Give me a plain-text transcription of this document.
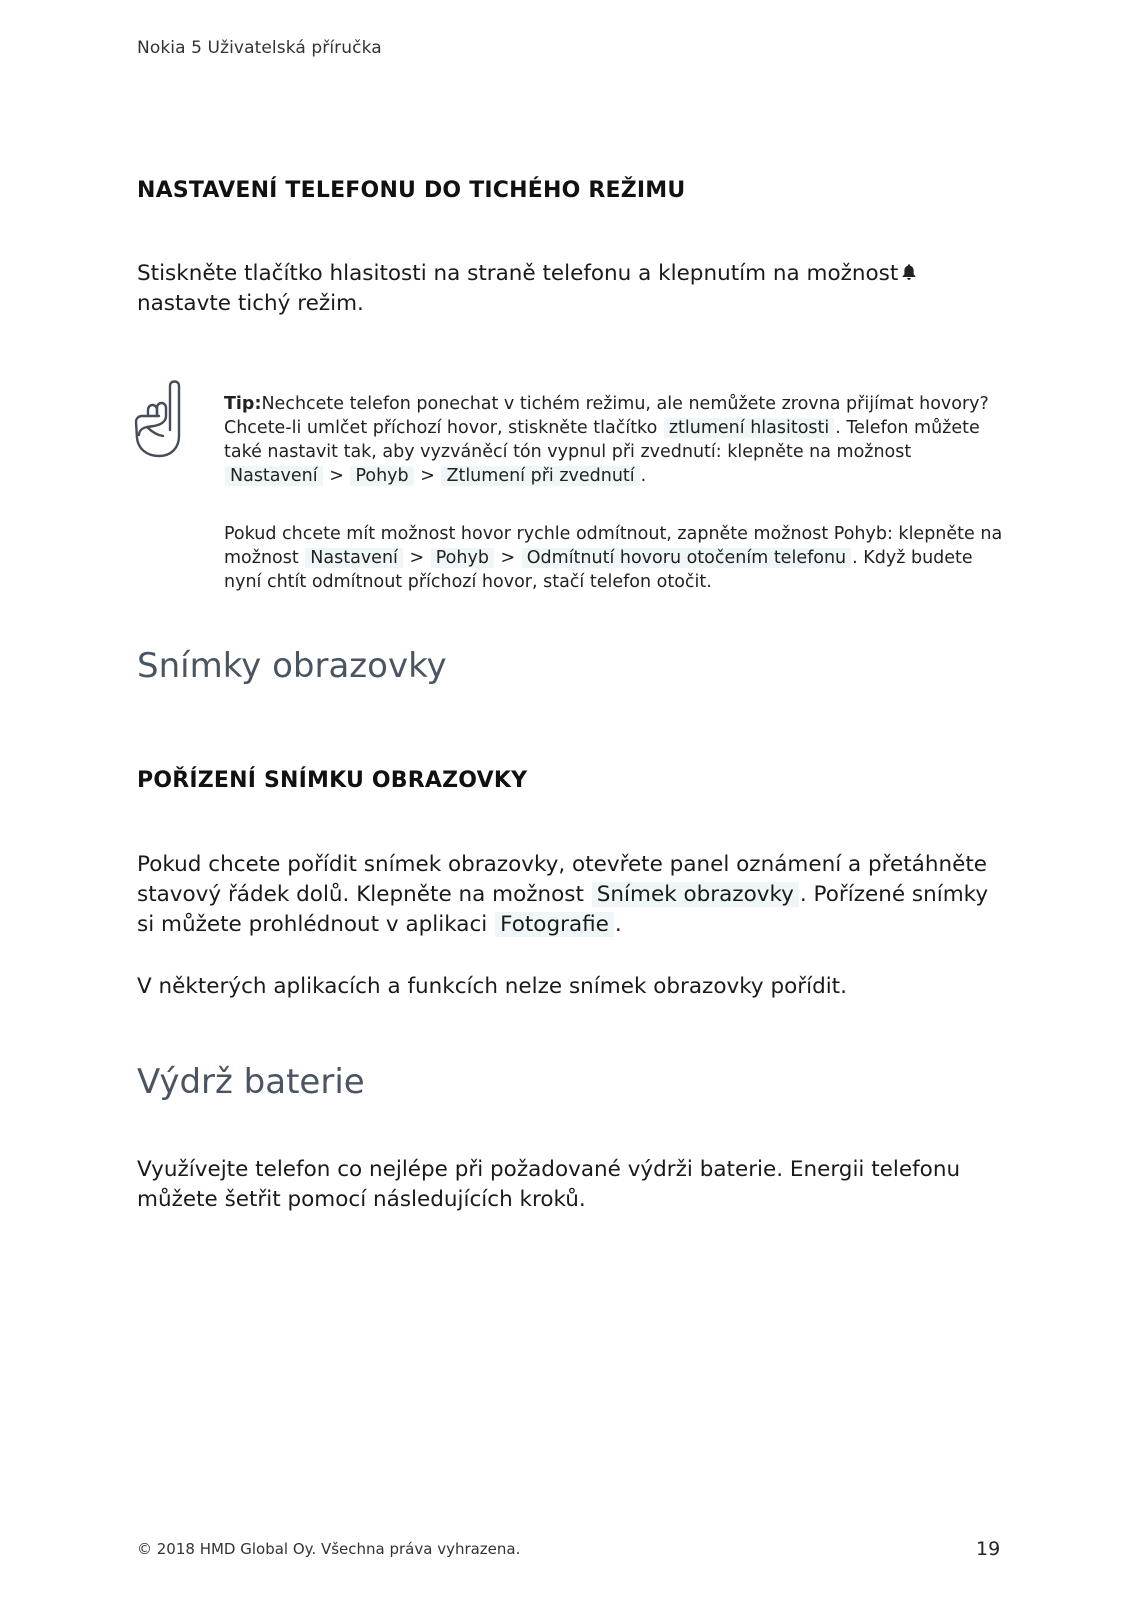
Nokia 5 Uživatelská příručka
NASTAVENÍ TELEFONU DO TICHÉHO REŽIMU
Stiskněte tlačítko hlasitosti na straně telefonu a klepnutím na možnostnastavte tichý režim.
Tip:Nechcete telefon ponechat v tichém režimu, ale nemůžete zrovna přijímat hovory? Chcete-li umlčet příchozí hovor, stiskněte tlačítko ztlumení hlasitosti . Telefon můžete také nastavit tak, aby vyzváněcí tón vypnul při zvednutí: klepněte na možnost Nastavení > Pohyb > Ztlumení při zvednutí .
Pokud chcete mít možnost hovor rychle odmítnout, zapněte možnost Pohyb: klepněte na možnost Nastavení > Pohyb > Odmítnutí hovoru otočením telefonu . Když budete nyní chtít odmítnout příchozí hovor, stačí telefon otočit.
Snímky obrazovky
POŘÍZENÍ SNÍMKU OBRAZOVKY
Pokud chcete pořídit snímek obrazovky, otevřete panel oznámení a přetáhněte stavový řádek dolů. Klepněte na možnost Snímek obrazovky . Pořízené snímky si můžete prohlédnout v aplikaci Fotografie .
V některých aplikacích a funkcích nelze snímek obrazovky pořídit.
Výdrž baterie
Využívejte telefon co nejlépe při požadované výdrži baterie. Energii telefonu můžete šetřit pomocí následujících kroků.
© 2018 HMD Global Oy. Všechna práva vyhrazena.	19
